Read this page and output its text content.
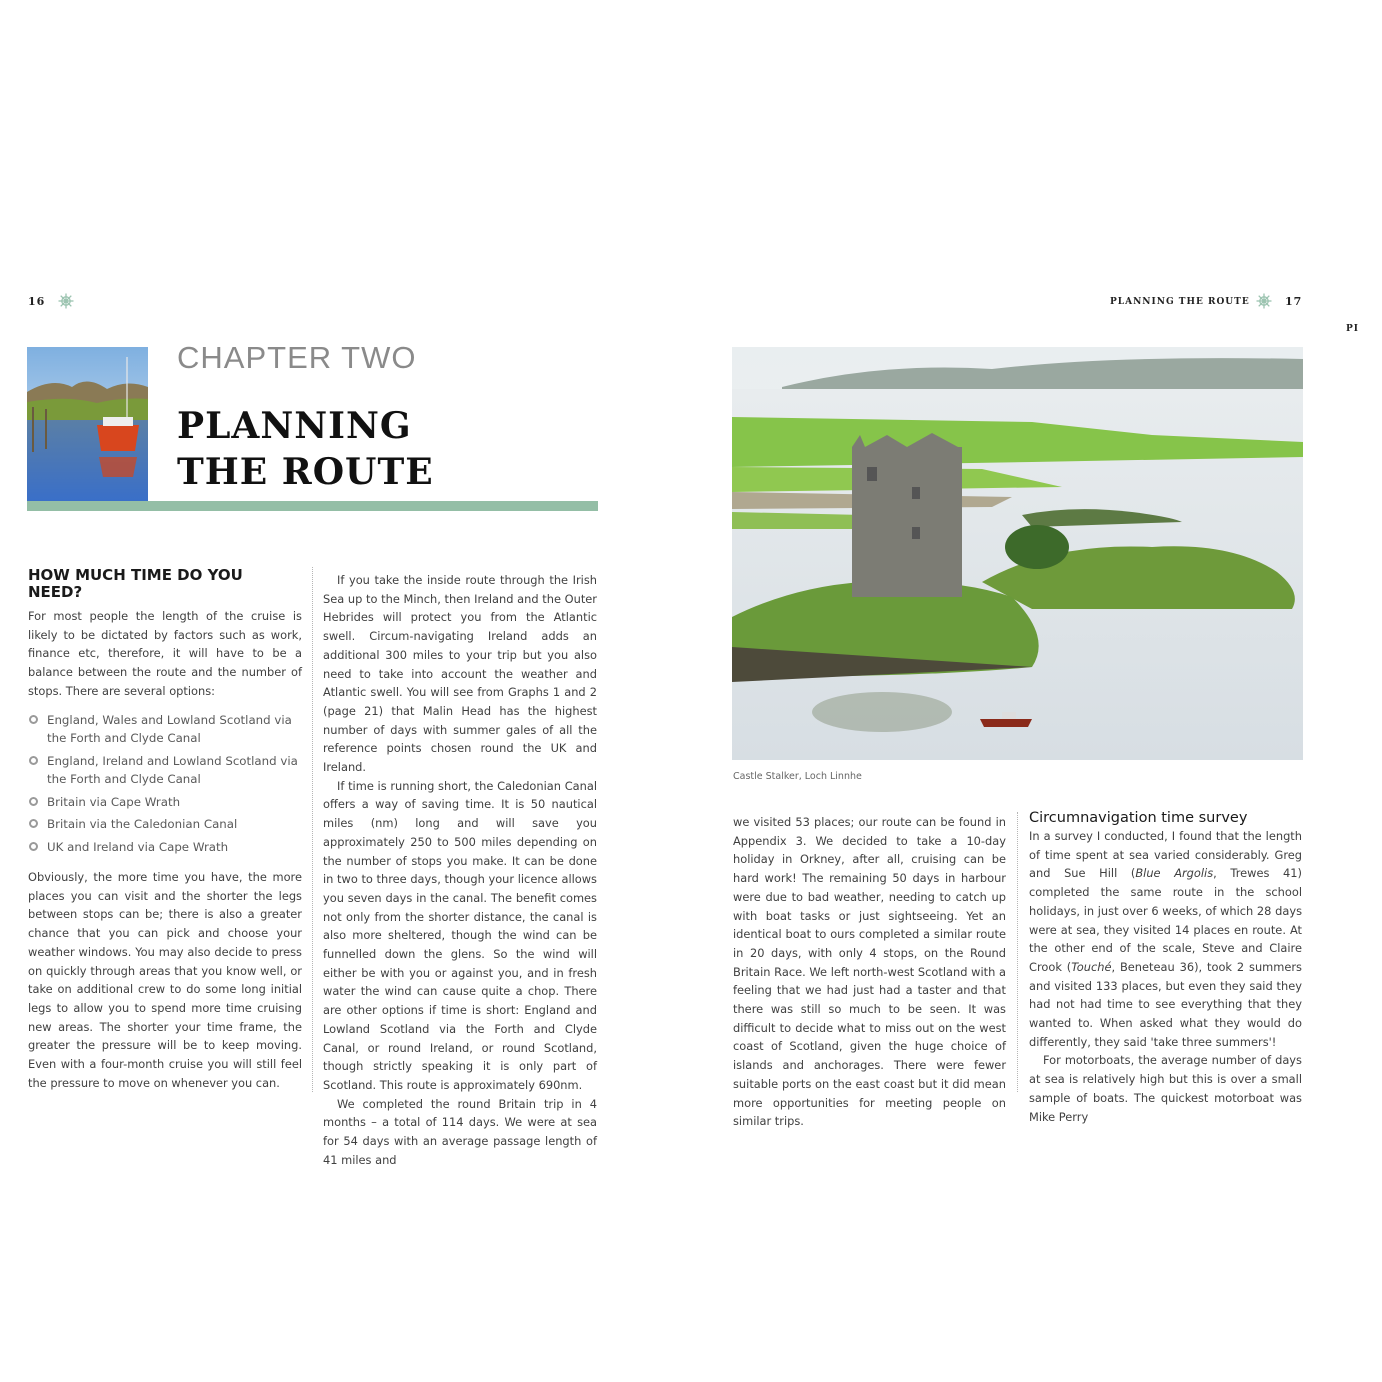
16
CHAPTER TWO
PLANNING
THE ROUTE
HOW MUCH TIME DO YOU NEED?
For most people the length of the cruise is likely to be dictated by factors such as work, finance etc, therefore, it will have to be a balance between the route and the number of stops. There are several options:
England, Wales and Lowland Scotland via the Forth and Clyde Canal
England, Ireland and Lowland Scotland via the Forth and Clyde Canal
Britain via Cape Wrath
Britain via the Caledonian Canal
UK and Ireland via Cape Wrath
Obviously, the more time you have, the more places you can visit and the shorter the legs between stops can be; there is also a greater chance that you can pick and choose your weather windows. You may also decide to press on quickly through areas that you know well, or take on additional crew to do some long initial legs to allow you to spend more time cruising new areas. The shorter your time frame, the greater the pressure will be to keep moving. Even with a four-month cruise you will still feel the pressure to move on whenever you can.

If you take the inside route through the Irish Sea up to the Minch, then Ireland and the Outer Hebrides will protect you from the Atlantic swell. Circum-navigating Ireland adds an additional 300 miles to your trip but you also need to take into account the weather and Atlantic swell. You will see from Graphs 1 and 2 (page 21) that Malin Head has the highest number of days with summer gales of all the reference points chosen round the UK and Ireland.

If time is running short, the Caledonian Canal offers a way of saving time. It is 50 nautical miles (nm) long and will save you approximately 250 to 500 miles depending on the number of stops you make. It can be done in two to three days, though your licence allows you seven days in the canal. The benefit comes not only from the shorter distance, the canal is also more sheltered, though the wind can be funnelled down the glens. So the wind will either be with you or against you, and in fresh water the wind can cause quite a chop. There are other options if time is short: England and Lowland Scotland via the Forth and Clyde Canal, or round Ireland, or round Scotland, though strictly speaking it is only part of Scotland. This route is approximately 690nm.

We completed the round Britain trip in 4 months – a total of 114 days. We were at sea for 54 days with an average passage length of 41 miles and

PLANNING THE ROUTE	17
PI
Castle Stalker, Loch Linnhe

we visited 53 places; our route can be found in Appendix 3. We decided to take a 10-day holiday in Orkney, after all, cruising can be hard work! The remaining 50 days in harbour were due to bad weather, needing to catch up with boat tasks or just sightseeing. Yet an identical boat to ours completed a similar route in 20 days, with only 4 stops, on the Round Britain Race. We left north-west Scotland with a feeling that we had just had a taster and that there was still so much to be seen. It was difficult to decide what to miss out on the west coast of Scotland, given the huge choice of islands and anchorages. There were fewer suitable ports on the east coast but it did mean more opportunities for meeting people on similar trips.

Circumnavigation time survey

In a survey I conducted, I found that the length of time spent at sea varied considerably. Greg and Sue Hill (Blue Argolis, Trewes 41) completed the same route in the school holidays, in just over 6 weeks, of which 28 days were at sea, they visited 14 places en route. At the other end of the scale, Steve and Claire Crook (Touché, Beneteau 36), took 2 summers and visited 133 places, but even they said they had not had time to see everything that they wanted to. When asked what they would do differently, they said 'take three summers'!

For motorboats, the average number of days at sea is relatively high but this is over a small sample of boats. The quickest motorboat was Mike Perry
